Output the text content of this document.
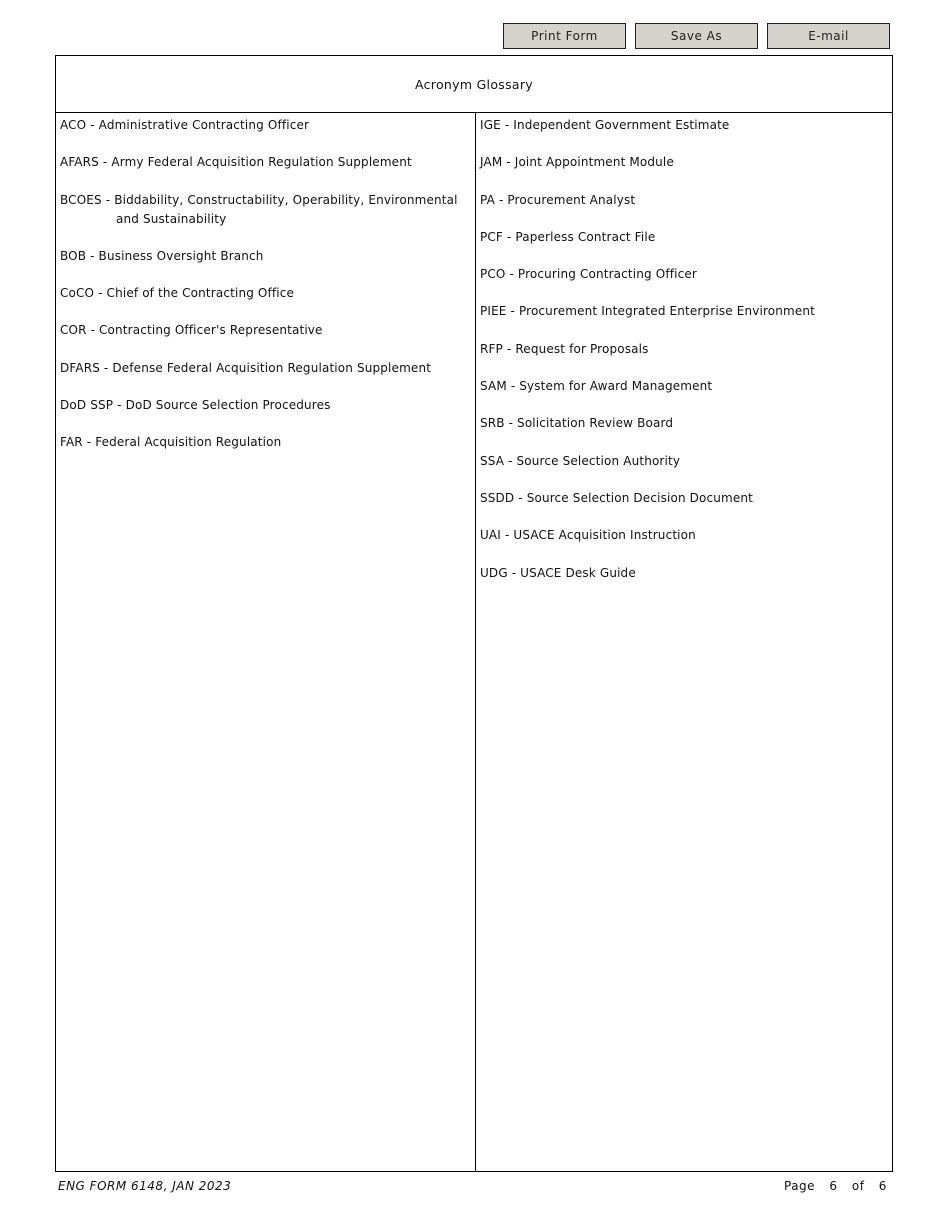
Print Form	Save As	E-mail
Acronym Glossary
ACO - Administrative Contracting Officer
AFARS - Army Federal Acquisition Regulation Supplement
BCOES - Biddability, Constructability, Operability, Environmental and Sustainability
BOB - Business Oversight Branch
CoCO - Chief of the Contracting Office
COR - Contracting Officer's Representative
DFARS - Defense Federal Acquisition Regulation Supplement
DoD SSP - DoD Source Selection Procedures
FAR - Federal Acquisition Regulation
IGE - Independent Government Estimate
JAM - Joint Appointment Module
PA - Procurement Analyst
PCF - Paperless Contract File
PCO - Procuring Contracting Officer
PIEE - Procurement Integrated Enterprise Environment
RFP - Request for Proposals
SAM - System for Award Management
SRB - Solicitation Review Board
SSA - Source Selection Authority
SSDD - Source Selection Decision Document
UAI - USACE Acquisition Instruction
UDG - USACE Desk Guide
ENG FORM 6148, JAN 2023	Page 6 of 6
